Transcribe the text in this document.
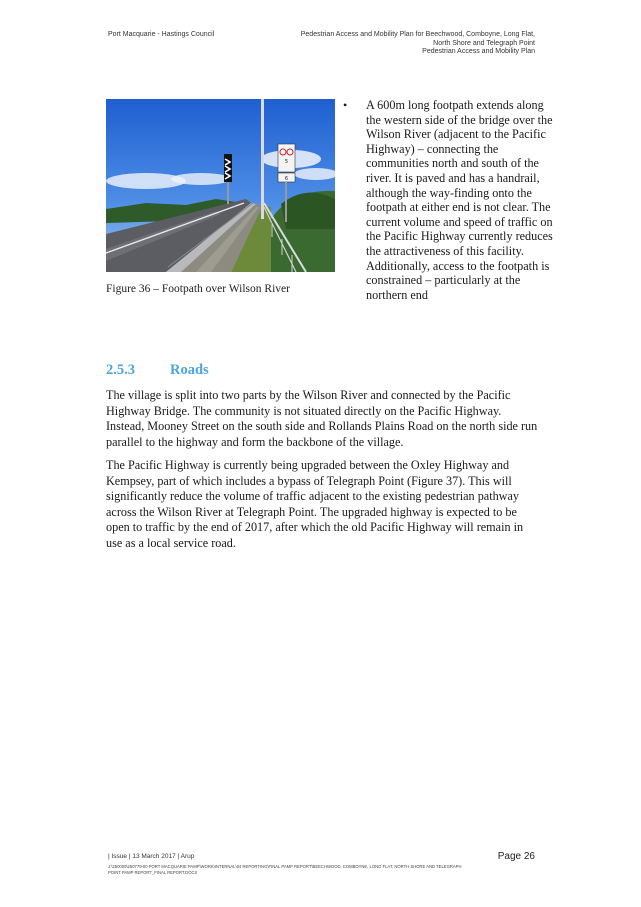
Port Macquarie - Hastings Council	Pedestrian Access and Mobility Plan for Beechwood, Comboyne, Long Flat,
North Shore and Telegraph Point
Pedestrian Access and Mobility Plan
5
6
Figure 36 – Footpath over Wilson River
• A 600m long footpath extends along the western side of the bridge over the Wilson River (adjacent to the Pacific Highway) – connecting the communities north and south of the river. It is paved and has a handrail, although the way-finding onto the footpath at either end is not clear. The current volume and speed of traffic on the Pacific Highway currently reduces the attractiveness of this facility. Additionally, access to the footpath is constrained – particularly at the northern end
2.5.3 Roads
The village is split into two parts by the Wilson River and connected by the Pacific Highway Bridge. The community is not situated directly on the Pacific Highway. Instead, Mooney Street on the south side and Rollands Plains Road on the north side run parallel to the highway and form the backbone of the village.
The Pacific Highway is currently being upgraded between the Oxley Highway and Kempsey, part of which includes a bypass of Telegraph Point (Figure 37). This will significantly reduce the volume of traffic adjacent to the existing pedestrian pathway across the Wilson River at Telegraph Point. The upgraded highway is expected to be open to traffic by the end of 2017, after which the old Pacific Highway will remain in use as a local service road.
| Issue | 13 March 2017 | Arup
J:\250000\250779-00 PORT MACQUARIE PAMP\WORK\INTERNAL\04 REPORTING\FINAL PAMP REPORT\BEECHWOOD, COMBOYNE, LONG FLAT, NORTH SHORE AND TELEGRAPH POINT PAMP REPORT_FINAL REPORT.DOCX
Page 26
